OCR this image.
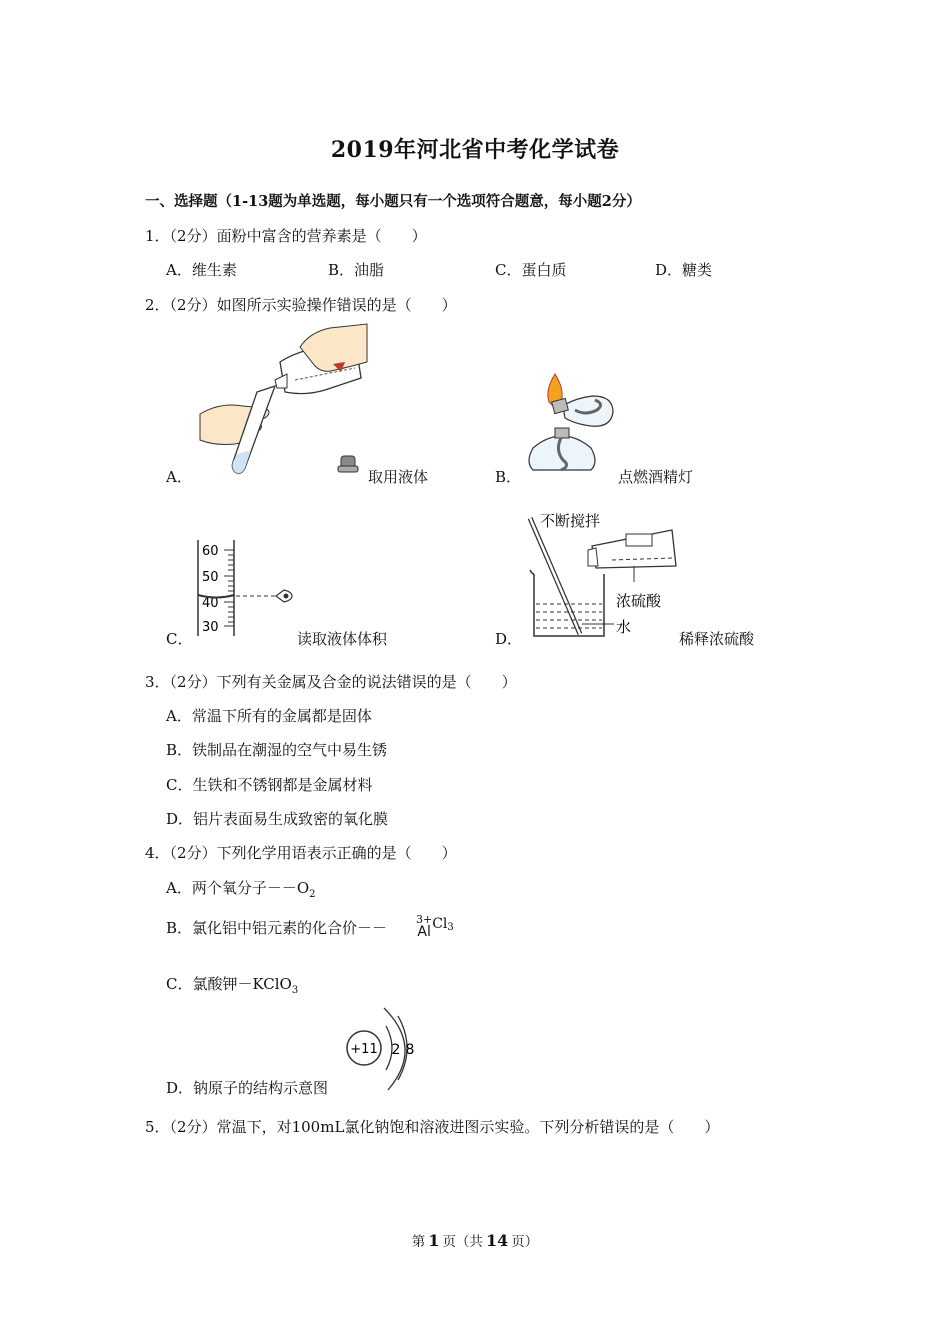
2019年河北省中考化学试卷
一、选择题（1-13题为单选题，每小题只有一个选项符合题意，每小题2分）
1．（2分）面粉中富含的营养素是（　　）
A．维生素	B．油脂	C．蛋白质	D．糖类
2．（2分）如图所示实验操作错误的是（　　）
A．	取用液体	B．	点燃酒精灯
60
50
40
30
C．	读取液体体积
不断搅拌
浓硫酸
水
D．	稀释浓硫酸
3．（2分）下列有关金属及合金的说法错误的是（　　）
A．常温下所有的金属都是固体
B．铁制品在潮湿的空气中易生锈
C．生铁和不锈钢都是金属材料
D．铝片表面易生成致密的氧化膜
4．（2分）下列化学用语表示正确的是（　　）
A．两个氧分子$--O_2$
B．氯化铝中铝元素的化合价－－	3+
Al $Cl_3$
C．氯酸钾－KClO$_3$
+11 2 8
D．钠原子的结构示意图
5．（2分）常温下，对100mL氯化钠饱和溶液进图示实验。下列分析错误的是（　　）
第 1 页（共 14 页）
